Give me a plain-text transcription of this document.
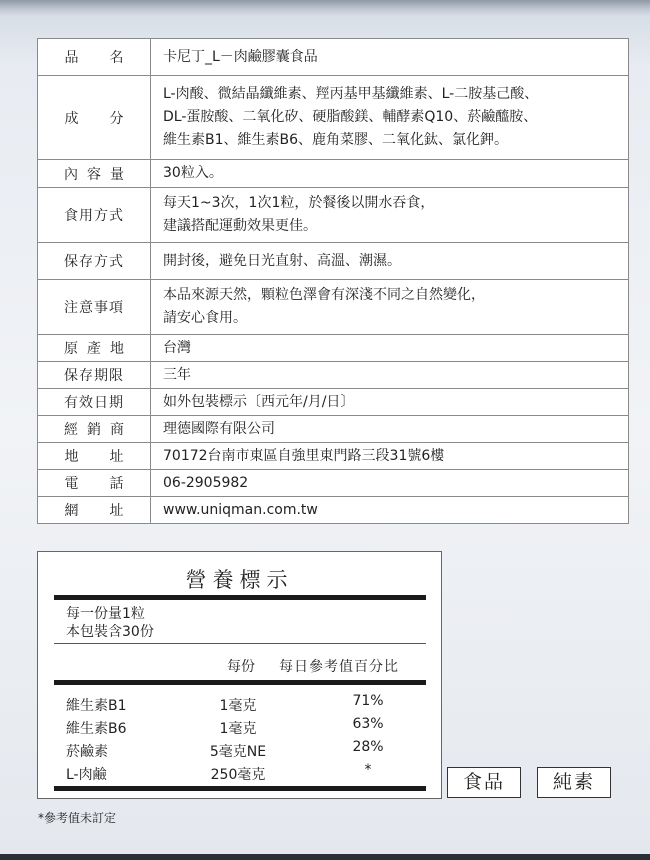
品名	卡尼丁_L－肉鹼膠囊食品
成分	L-肉酸、微結晶纖維素、羥丙基甲基纖維素、L-二胺基己酸、
DL-蛋胺酸、二氧化矽、硬脂酸鎂、輔酵素Q10、菸鹼醯胺、
維生素B1、維生素B6、鹿角菜膠、二氧化鈦、氯化鉀。

內容量	30粒入。
食用方式	每天1~3次，1次1粒，於餐後以開水吞食，
建議搭配運動效果更佳。

保存方式	開封後，避免日光直射、高溫、潮濕。
注意事項	本品來源天然，顆粒色澤會有深淺不同之自然變化，
請安心食用。

原產地	台灣
保存期限	三年
有效日期	如外包裝標示〔西元年/月/日〕
經銷商	理德國際有限公司
地址	70172台南市東區自強里東門路三段31號6樓
電話	06-2905982
網址	www.uniqman.com.tw
營養標示
每一份量1粒
本包裝含30份
每份 每日參考值百分比
維生素B1	1毫克	71%
維生素B6	1毫克	63%
菸鹼素	5毫克NE	28%
L-肉鹼	250毫克	*
食品	純素
*參考值未訂定
